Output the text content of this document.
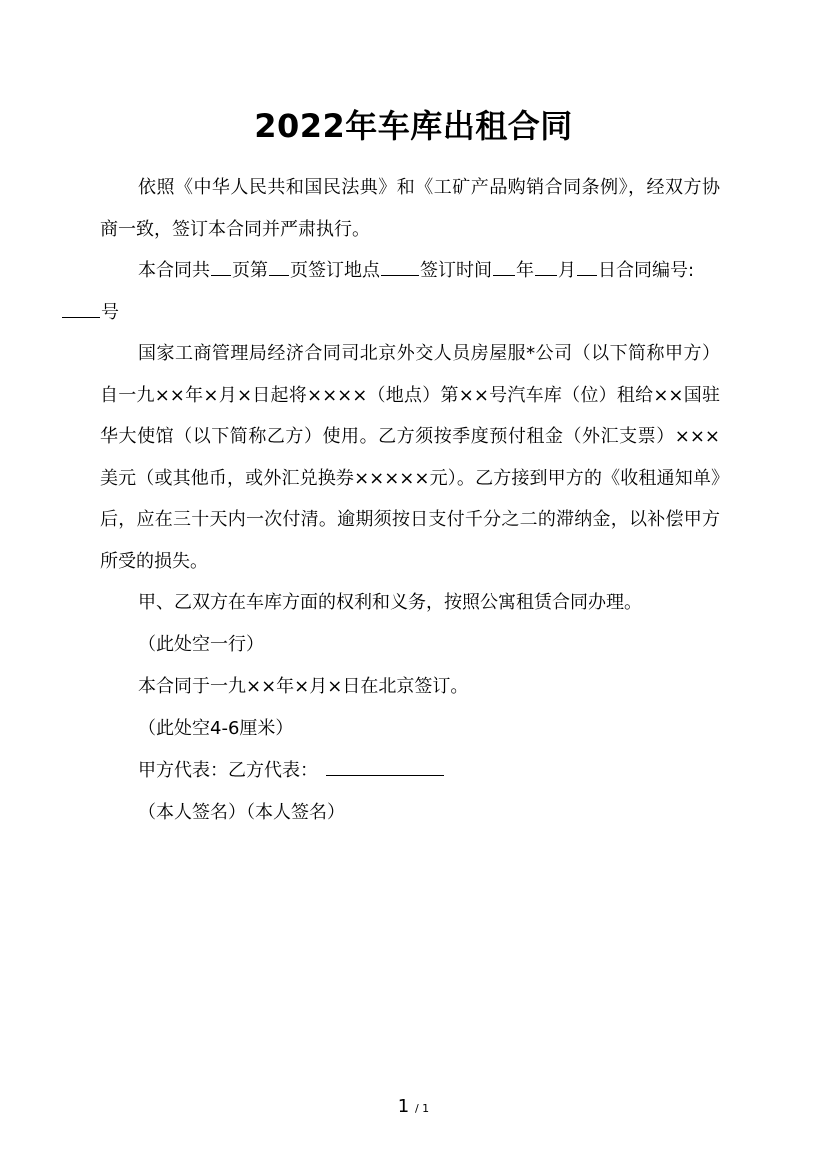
2022年车库出租合同
依照《中华人民共和国民法典》和《工矿产品购销合同条例》，经双方协商一致，签订本合同并严肃执行。
本合同共 页第 页签订地点 签订时间 年 月 日合同编号:
号
国家工商管理局经济合同司北京外交人员房屋服*公司（以下简称甲方）自一九××年×月×日起将××××（地点）第××号汽车库（位）租给××国驻华大使馆（以下简称乙方）使用。乙方须按季度预付租金（外汇支票）×××美元（或其他币，或外汇兑换券×××××元）。乙方接到甲方的《收租通知单》后，应在三十天内一次付清。逾期须按日支付千分之二的滞纳金，以补偿甲方所受的损失。
甲、乙双方在车库方面的权利和义务，按照公寓租赁合同办理。
（此处空一行）
本合同于一九××年×月×日在北京签订。
（此处空4-6厘米）
甲方代表：乙方代表：
（本人签名）（本人签名）
1 / 1
